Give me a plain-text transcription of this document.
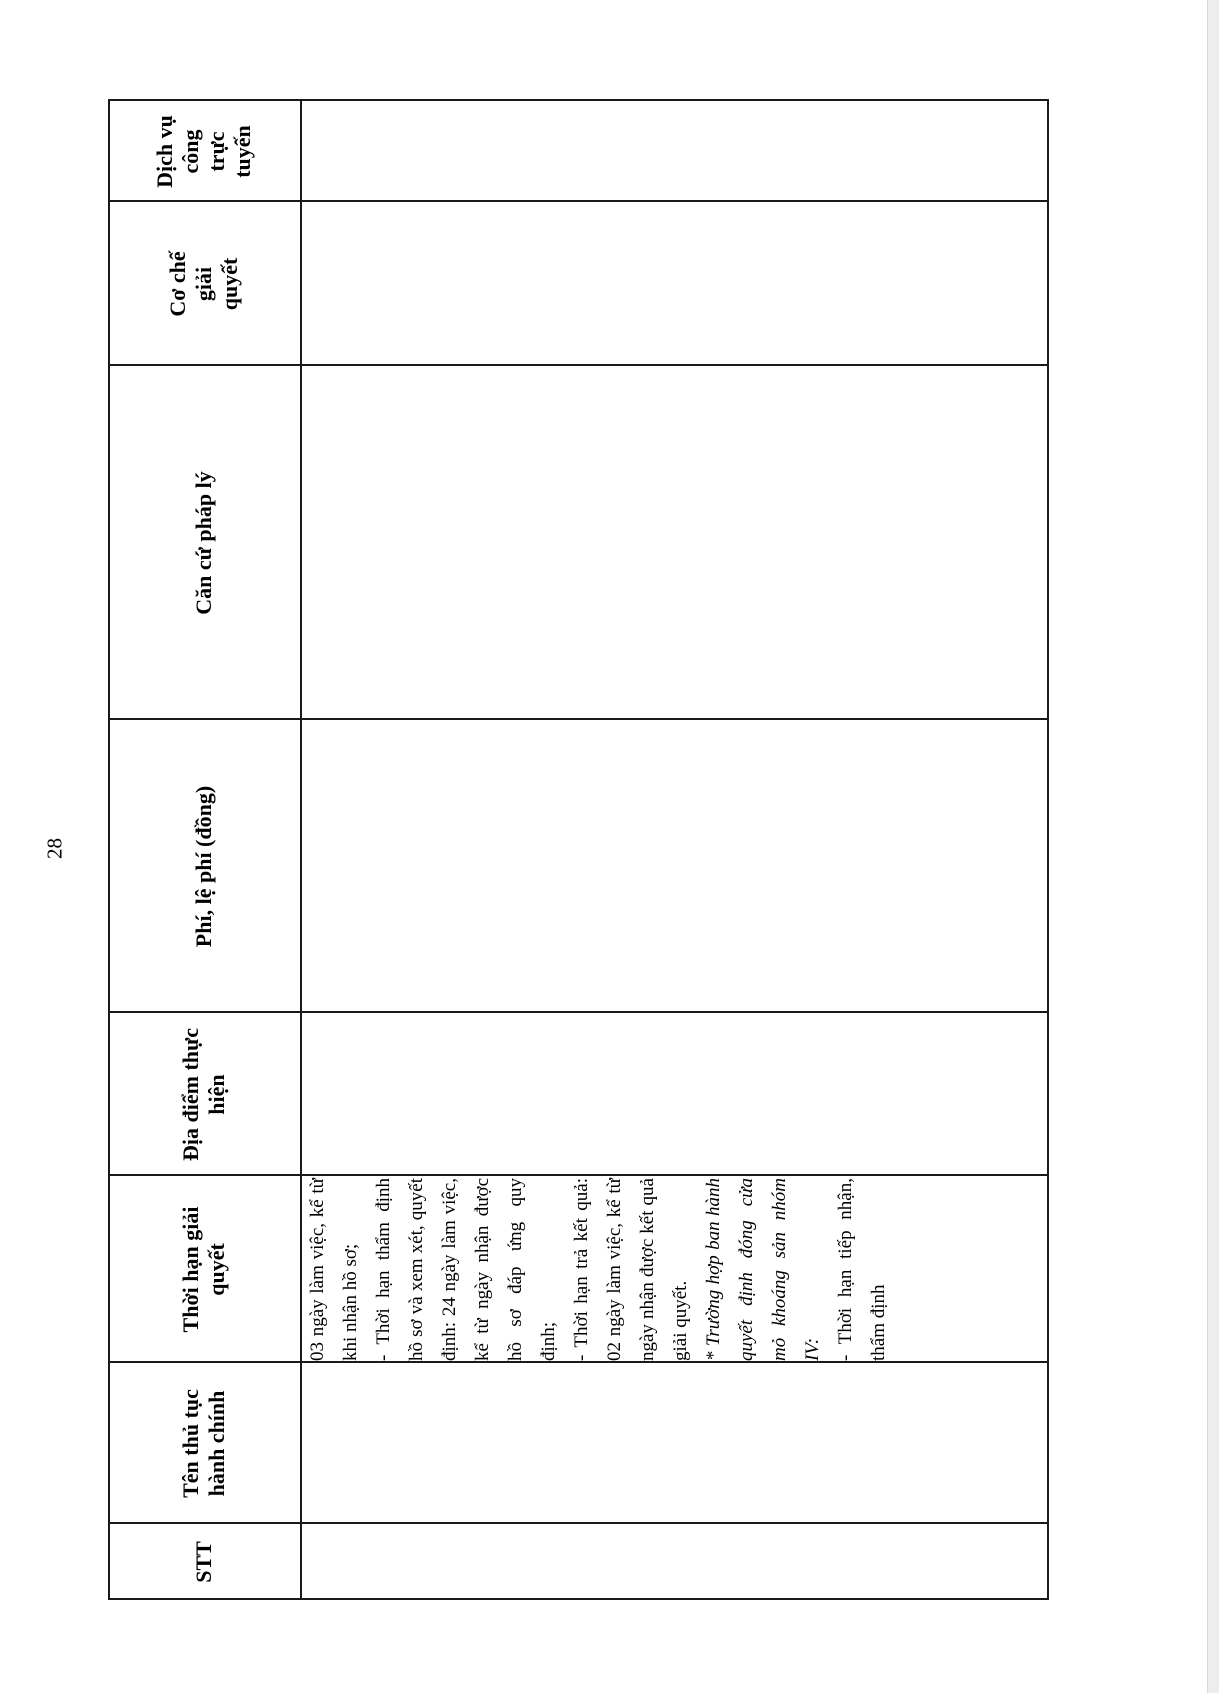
28
STT
Tên thủ tục hành chính
Thời hạn giải quyết	03 ngày làm việc, kể từ khi nhận hồ sơ; - Thời hạn thẩm định hồ sơ và xem xét, quyết định: 24 ngày làm việc, kể từ ngày nhận được hồ sơ đáp ứng quy định; - Thời hạn trả kết quả: 02 ngày làm việc, kể từ ngày nhận được kết quả giải quyết. * Trường hợp ban hành quyết định đóng cửa mỏ khoáng sản nhóm IV: - Thời hạn tiếp nhận, thẩm định

Địa điểm thực hiện
Phí, lệ phí (đồng)
Căn cứ pháp lý
Cơ chế giải quyết
Dịch vụ công trực tuyến
